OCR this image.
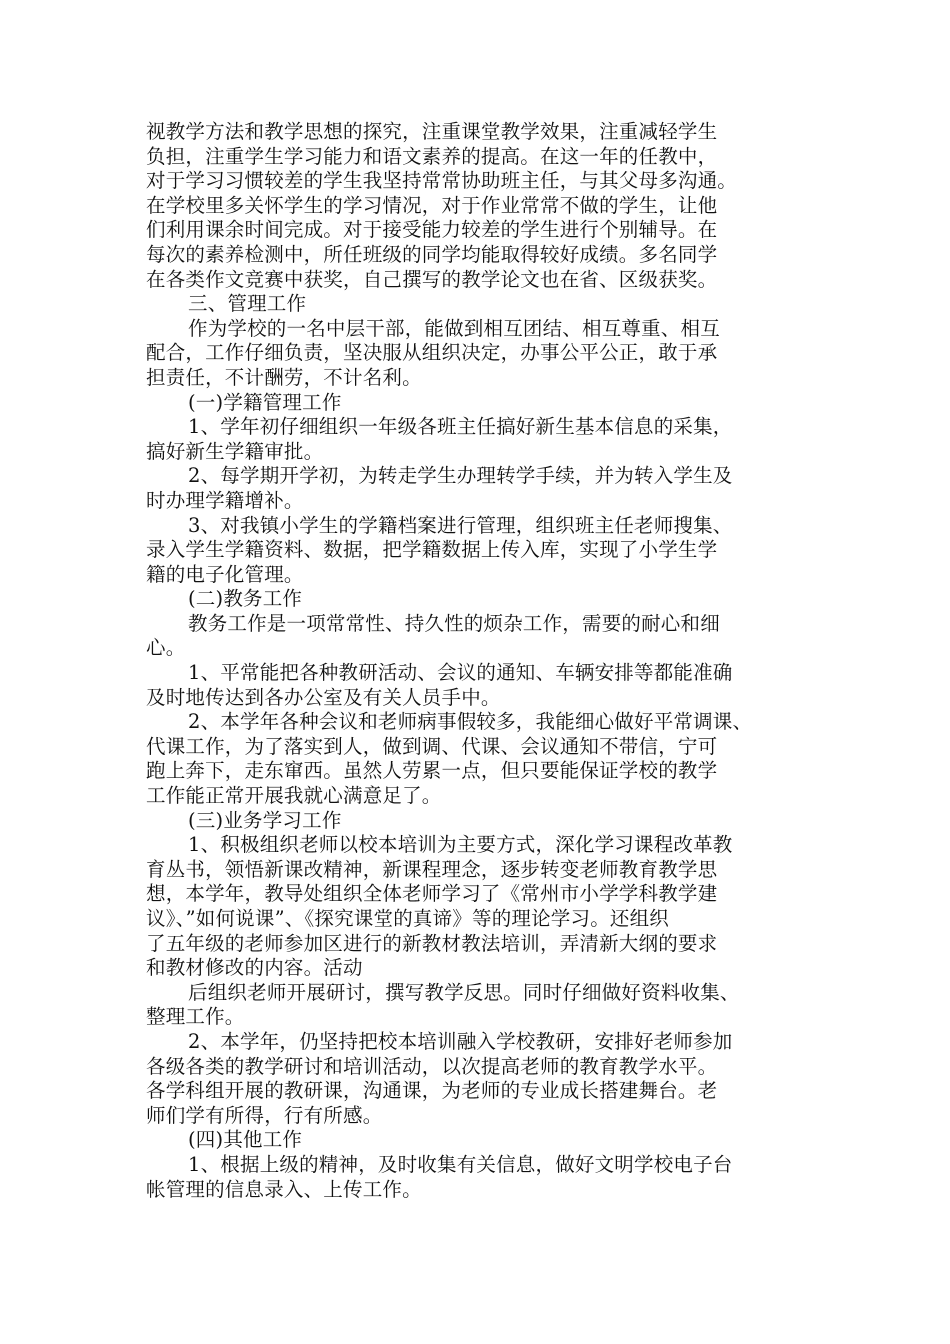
视教学方法和教学思想的探究，注重课堂教学效果，注重减轻学生
负担，注重学生学习能力和语文素养的提高。在这一年的任教中，
对于学习习惯较差的学生我坚持常常协助班主任，与其父母多沟通。
在学校里多关怀学生的学习情况，对于作业常常不做的学生，让他
们利用课余时间完成。对于接受能力较差的学生进行个别辅导。在
每次的素养检测中，所任班级的同学均能取得较好成绩。多名同学
在各类作文竞赛中获奖，自己撰写的教学论文也在省、区级获奖。
三、管理工作
作为学校的一名中层干部，能做到相互团结、相互尊重、相互
配合，工作仔细负责，坚决服从组织决定，办事公平公正，敢于承
担责任，不计酬劳，不计名利。
(一)学籍管理工作
1、学年初仔细组织一年级各班主任搞好新生基本信息的采集，
搞好新生学籍审批。
2、每学期开学初，为转走学生办理转学手续，并为转入学生及
时办理学籍增补。
3、对我镇小学生的学籍档案进行管理，组织班主任老师搜集、
录入学生学籍资料、数据，把学籍数据上传入库，实现了小学生学
籍的电子化管理。
(二)教务工作
教务工作是一项常常性、持久性的烦杂工作，需要的耐心和细
心。
1、平常能把各种教研活动、会议的通知、车辆安排等都能准确
及时地传达到各办公室及有关人员手中。
2、本学年各种会议和老师病事假较多，我能细心做好平常调课、
代课工作，为了落实到人，做到调、代课、会议通知不带信，宁可
跑上奔下，走东窜西。虽然人劳累一点，但只要能保证学校的教学
工作能正常开展我就心满意足了。
(三)业务学习工作
1、积极组织老师以校本培训为主要方式，深化学习课程改革教
育丛书，领悟新课改精神，新课程理念，逐步转变老师教育教学思
想，本学年，教导处组织全体老师学习了《常州市小学学科教学建
议》、”如何说课”、《探究课堂的真谛》等的理论学习。还组织
了五年级的老师参加区进行的新教材教法培训，弄清新大纲的要求
和教材修改的内容。活动
后组织老师开展研讨，撰写教学反思。同时仔细做好资料收集、
整理工作。
2、本学年，仍坚持把校本培训融入学校教研，安排好老师参加
各级各类的教学研讨和培训活动，以次提高老师的教育教学水平。
各学科组开展的教研课，沟通课，为老师的专业成长搭建舞台。老
师们学有所得，行有所感。
(四)其他工作
1、根据上级的精神，及时收集有关信息，做好文明学校电子台
帐管理的信息录入、上传工作。
